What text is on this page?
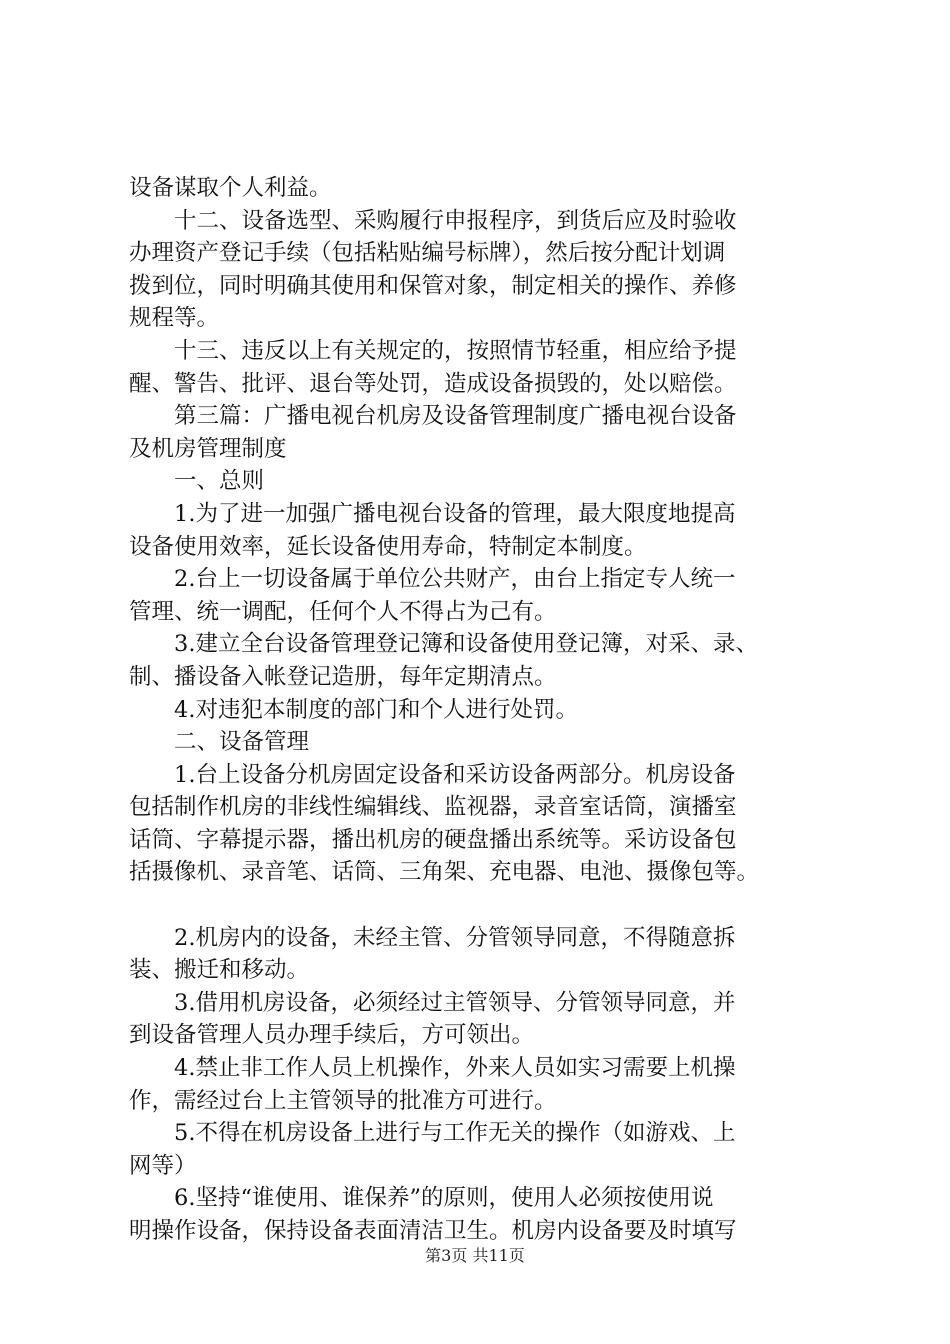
设备谋取个人利益。
　　十二、设备选型、采购履行申报程序，到货后应及时验收
办理资产登记手续（包括粘贴编号标牌），然后按分配计划调
拨到位，同时明确其使用和保管对象，制定相关的操作、养修
规程等。
　　十三、违反以上有关规定的，按照情节轻重，相应给予提
醒、警告、批评、退台等处罚，造成设备损毁的，处以赔偿。
　　第三篇：广播电视台机房及设备管理制度广播电视台设备
及机房管理制度
　　一、总则
　　1.为了进一加强广播电视台设备的管理，最大限度地提高
设备使用效率，延长设备使用寿命，特制定本制度。
　　2.台上一切设备属于单位公共财产，由台上指定专人统一
管理、统一调配，任何个人不得占为己有。
　　3.建立全台设备管理登记簿和设备使用登记簿，对采、录、
制、播设备入帐登记造册，每年定期清点。
　　4.对违犯本制度的部门和个人进行处罚。
　　二、设备管理
　　1.台上设备分机房固定设备和采访设备两部分。机房设备
包括制作机房的非线性编辑线、监视器，录音室话筒，演播室
话筒、字幕提示器，播出机房的硬盘播出系统等。采访设备包
括摄像机、录音笔、话筒、三角架、充电器、电池、摄像包等。
　　2.机房内的设备，未经主管、分管领导同意，不得随意拆
装、搬迁和移动。
　　3.借用机房设备，必须经过主管领导、分管领导同意，并
到设备管理人员办理手续后，方可领出。
　　4.禁止非工作人员上机操作，外来人员如实习需要上机操
作，需经过台上主管领导的批准方可进行。
　　5.不得在机房设备上进行与工作无关的操作（如游戏、上
网等）
　　6.坚持“谁使用、谁保养”的原则，使用人必须按使用说
明操作设备，保持设备表面清洁卫生。机房内设备要及时填写
第3页 共11页
